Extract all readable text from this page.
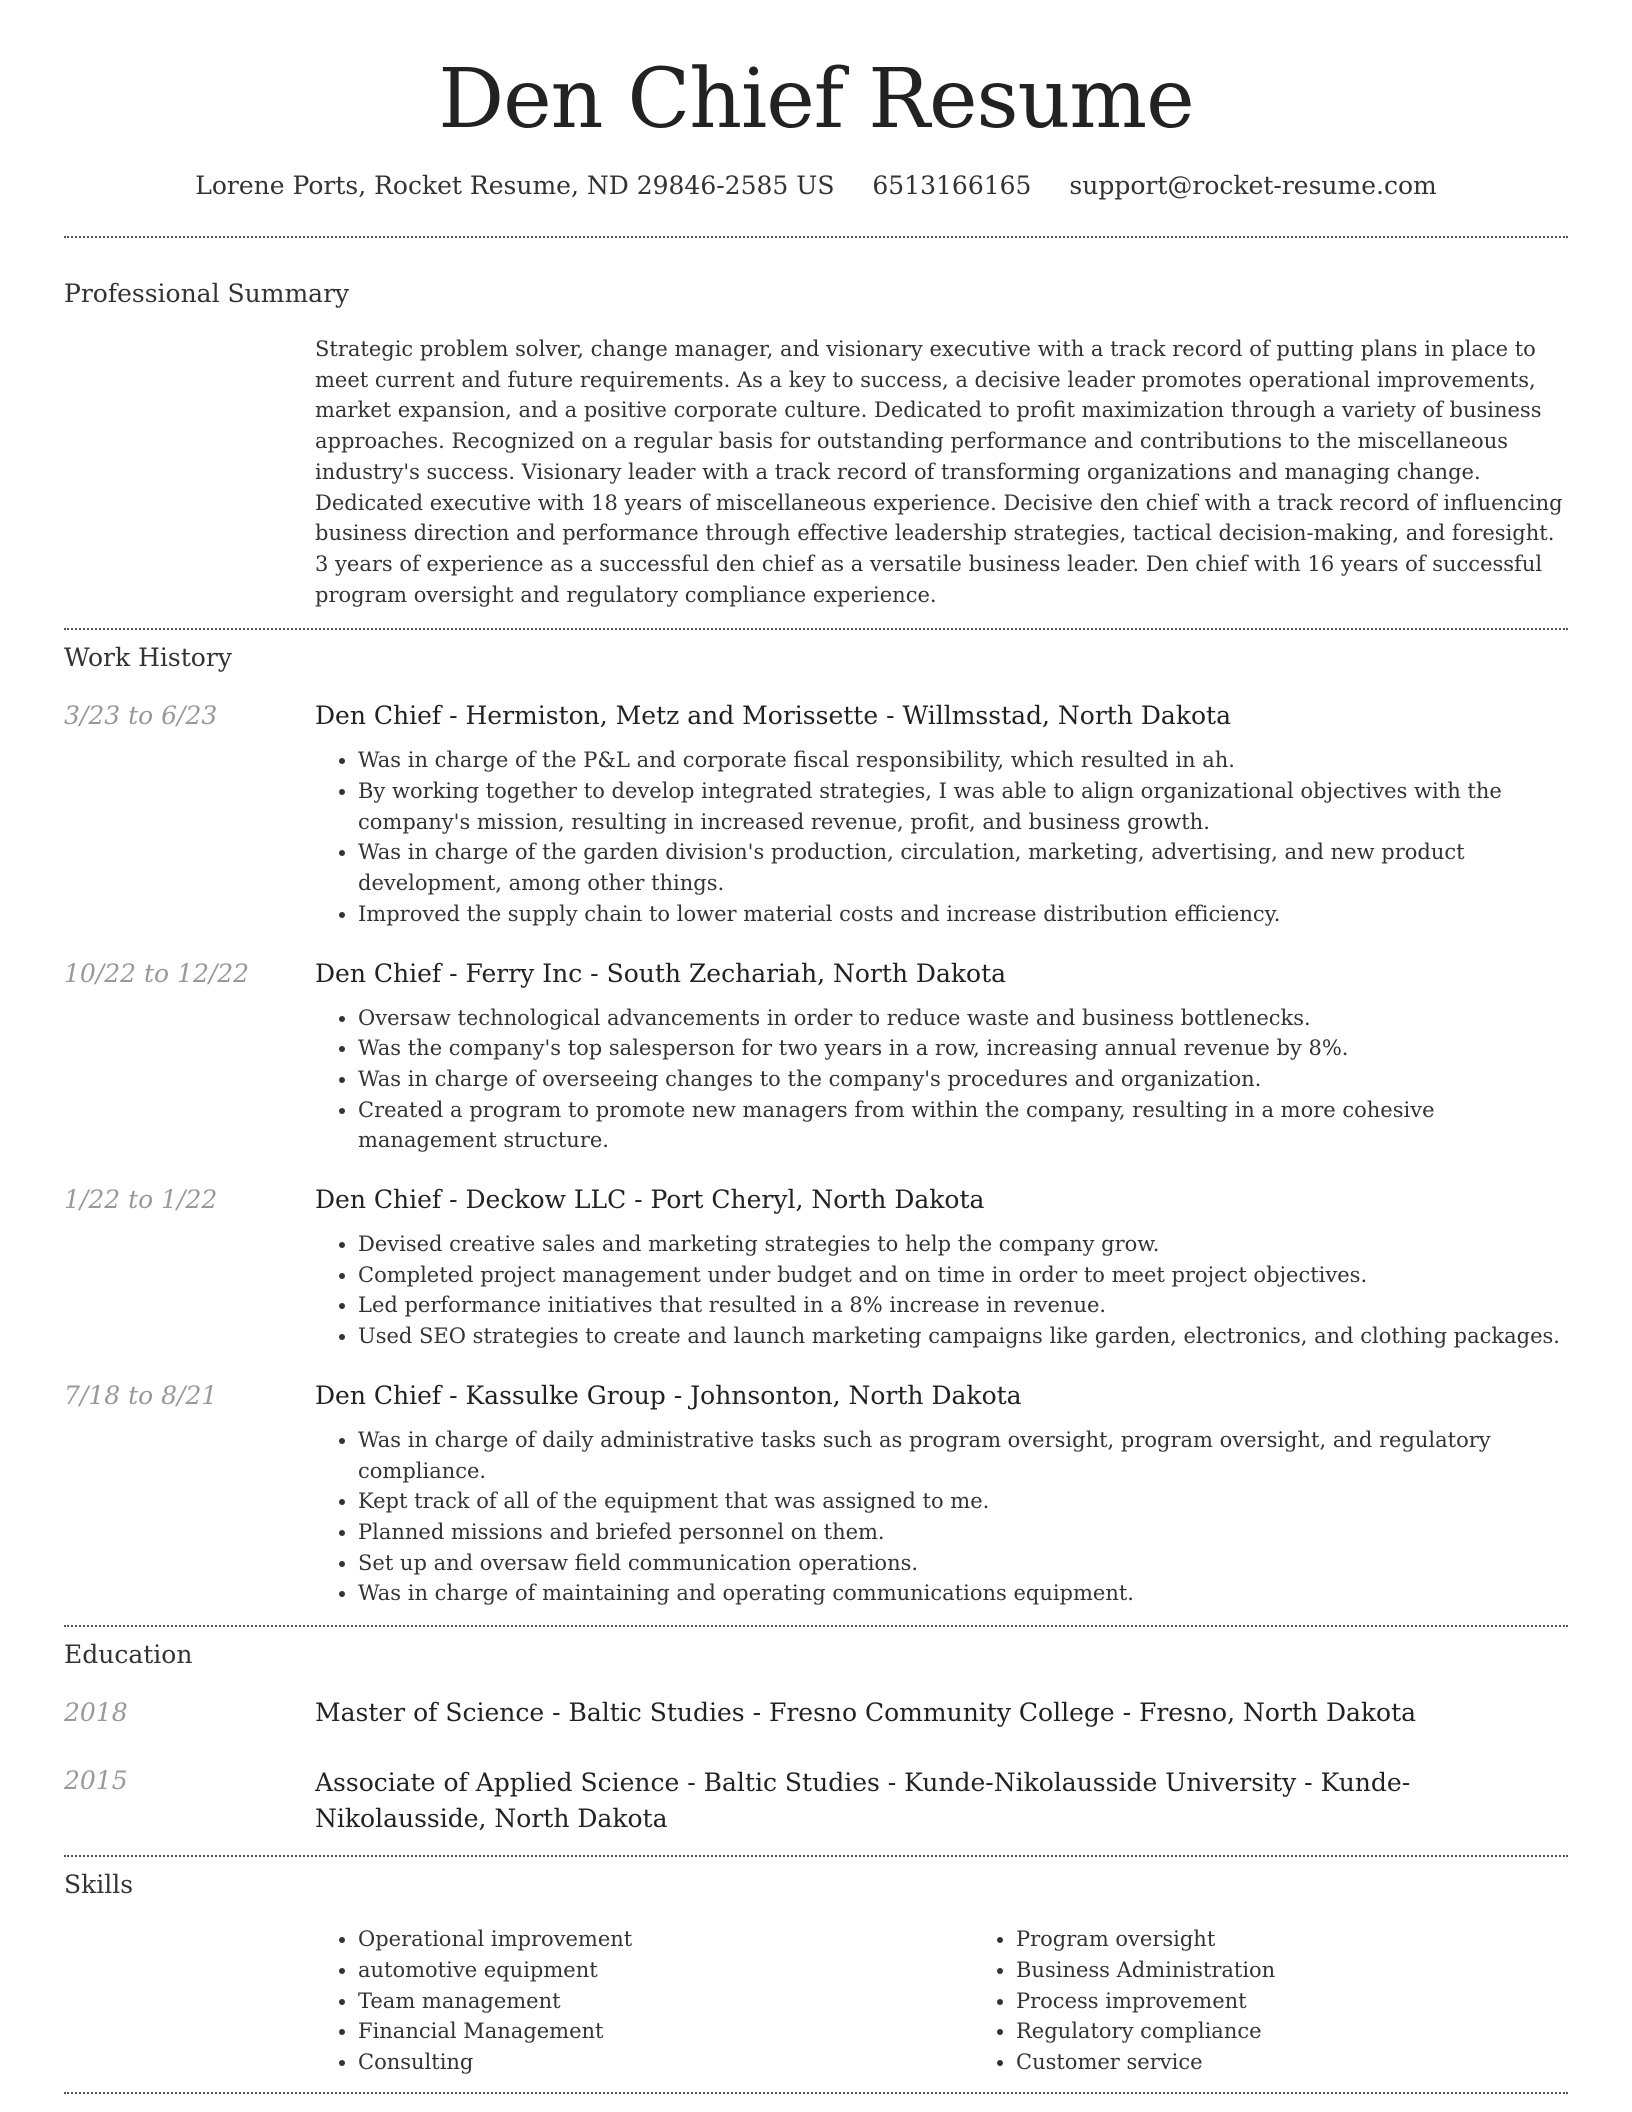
Den Chief Resume
Lorene Ports, Rocket Resume, ND 29846-2585 US 6513166165 support@rocket-resume.com
Professional Summary
Strategic problem solver, change manager, and visionary executive with a track record of putting plans in place to meet current and future requirements. As a key to success, a decisive leader promotes operational improvements, market expansion, and a positive corporate culture. Dedicated to profit maximization through a variety of business approaches. Recognized on a regular basis for outstanding performance and contributions to the miscellaneous industry's success. Visionary leader with a track record of transforming organizations and managing change. Dedicated executive with 18 years of miscellaneous experience. Decisive den chief with a track record of influencing business direction and performance through effective leadership strategies, tactical decision-making, and foresight. 3 years of experience as a successful den chief as a versatile business leader. Den chief with 16 years of successful program oversight and regulatory compliance experience.
Work History
3/23 to 6/23	Den Chief - Hermiston, Metz and Morissette - Willmsstad, North Dakota
• Was in charge of the P&L and corporate fiscal responsibility, which resulted in ah.
• By working together to develop integrated strategies, I was able to align organizational objectives with the company's mission, resulting in increased revenue, profit, and business growth.
• Was in charge of the garden division's production, circulation, marketing, advertising, and new product development, among other things.
• Improved the supply chain to lower material costs and increase distribution efficiency.
10/22 to 12/22	Den Chief - Ferry Inc - South Zechariah, North Dakota
• Oversaw technological advancements in order to reduce waste and business bottlenecks.
• Was the company's top salesperson for two years in a row, increasing annual revenue by 8%.
• Was in charge of overseeing changes to the company's procedures and organization.
• Created a program to promote new managers from within the company, resulting in a more cohesive management structure.
1/22 to 1/22	Den Chief - Deckow LLC - Port Cheryl, North Dakota
• Devised creative sales and marketing strategies to help the company grow.
• Completed project management under budget and on time in order to meet project objectives.
• Led performance initiatives that resulted in a 8% increase in revenue.
• Used SEO strategies to create and launch marketing campaigns like garden, electronics, and clothing packages.
7/18 to 8/21	Den Chief - Kassulke Group - Johnsonton, North Dakota
• Was in charge of daily administrative tasks such as program oversight, program oversight, and regulatory compliance.
• Kept track of all of the equipment that was assigned to me.
• Planned missions and briefed personnel on them.
• Set up and oversaw field communication operations.
• Was in charge of maintaining and operating communications equipment.
Education
2018	Master of Science - Baltic Studies - Fresno Community College - Fresno, North Dakota
2015	Associate of Applied Science - Baltic Studies - Kunde-Nikolausside University - Kunde-Nikolausside, North Dakota
Skills
• Operational improvement
• automotive equipment
• Team management
• Financial Management
• Consulting
• Program oversight
• Business Administration
• Process improvement
• Regulatory compliance
• Customer service
